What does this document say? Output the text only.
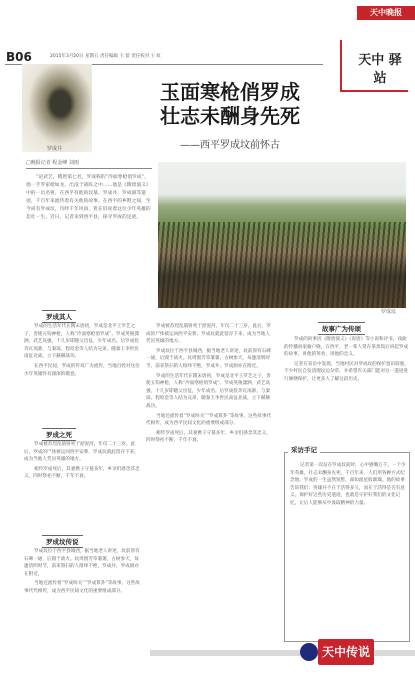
B06	2015年3月20日 星期五 责任编辑 王 留 责任校对 王 虹
天中晚报
天中 驿站
罗成井
玉面寒枪俏罗成
壮志未酬身先死
——西平罗成坟前怀古
□晚报记者 程金峰 刘雨
“论武艺，隋唐第七名，罗成称的“冷面寒枪俏罗成”，他一手罗家枪如龙，出没于战阵之中……他是《隋唐演义》中的一员名将，在西平有他的坟墓、罗成井、罗成洞等遗迹，千百年来流传着有关他的故事。在西平的乡野之间，至今尚有罗成坟，历经千年风雨，犹在诉说着这位少年英雄的悲壮一生。近日，记者来到西平县，探寻罗成的足迹。
罗成坟
罗成其人
罗成之死
罗成坟传说
故事广为传颂

罗成的生活年代在隋末唐初，罗成是北平王罗艺之子，善使五钩神枪，人称“冷面寒枪俏罗成”。罗成英俊潇洒，武艺高强，十几岁即随父出征，少年成名。后罗成投奔瓦岗寨，与秦琼、程咬金等人结为兄弟，随秦王李世民南征北战，立下赫赫战功。

在西平民间，罗成的传说广为流传，当地百姓对这位少年英雄怀有深深的敬意。

罗成被苏烈乱箭射死于淤泥河，年仅二十三岁。此后，罗成的尸体被运回西平安葬，罗成坟就此留存下来，成为当地人凭吊英雄的地方。

相传罗成死后，其妻携子守墓多年，乡亲们感念其忠义，四时祭祀不断，千年不衰。

罗成坟位于西平县城西，据当地老人讲述，坟前原有石碑一通，后毁于战火。坟周围芳草萋萋，古树参天，每逢清明时节，前来祭扫的人络绎不绝，罗成井、罗成洞亦在附近。

当地还流传着“罗成叫关”“罗成算卦”等故事，这些故事代代相传，成为西平民间文化的重要组成部分。

罗成被苏烈乱箭射死于淤泥河，年仅二十三岁。此后，罗成的尸体被运回西平安葬，罗成坟就此留存下来，成为当地人凭吊英雄的地方。

罗成坟位于西平县城西，据当地老人讲述，坟前原有石碑一通，后毁于战火。坟周围芳草萋萋，古树参天，每逢清明时节，前来祭扫的人络绎不绝，罗成井、罗成洞亦在附近。

罗成的生活年代在隋末唐初，罗成是北平王罗艺之子，善使五钩神枪，人称“冷面寒枪俏罗成”。罗成英俊潇洒，武艺高强，十几岁即随父出征，少年成名。后罗成投奔瓦岗寨，与秦琼、程咬金等人结为兄弟，随秦王李世民南征北战，立下赫赫战功。

当地还流传着“罗成叫关”“罗成算卦”等故事，这些故事代代相传，成为西平民间文化的重要组成部分。

相传罗成死后，其妻携子守墓多年，乡亲们感念其忠义，四时祭祀不断，千年不衰。

罗成的故事因《隋唐演义》《说唐》等小说和评书、戏曲的传播而家喻户晓。在西平，老一辈人常在茶余饭后讲起罗成的故事，讲他的英勇，讲他的忠义。

记者在采访中发现，当地村民对罗成坟的保护意识较强，不少村民自发清理坟边杂草，并希望有关部门能对这一遗迹进行修缮保护，让更多人了解这段历史。

采访手记
记者第一次站在罗成坟前时，心中感慨万千。一个少年英雄，壮志未酬身先死，千百年来，人们用各种方式纪念他。罗成的一生虽然短暂，却如流星般璀璨。他的故事告诉我们：英雄并不在于活得多久，而在于活得是否有意义。保护好这些历史遗迹，也就是守护好我们的文化记忆，让后人能够从中汲取精神的力量。
天中传说
